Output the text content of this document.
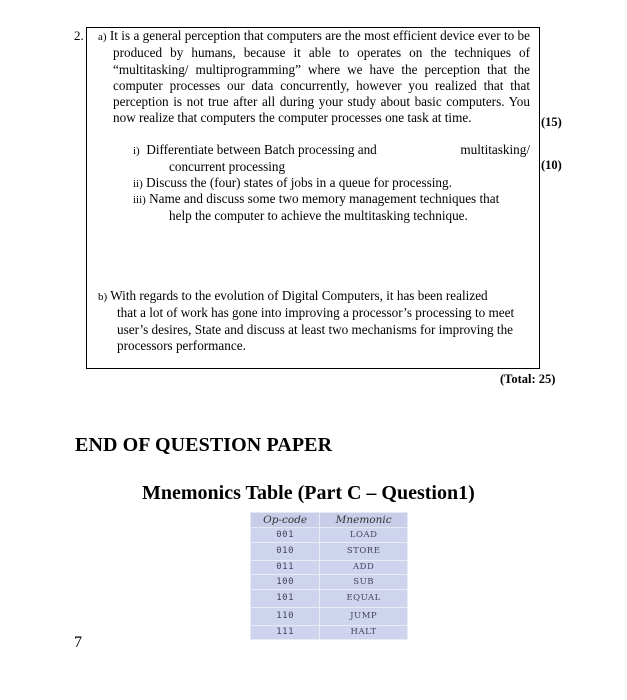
2. a) It is a general perception that computers are the most efficient device ever to be produced by humans, because it able to operates on the techniques of “multitasking/ multiprogramming” where we have the perception that the computer processes our data concurrently, however you realized that that perception is not true after all during your study about basic computers. You now realize that computers the computer processes one task at time.	(15)
i) Differentiate between Batch processing and	multitasking/
concurrent processing	(10)
ii) Discuss the (four) states of jobs in a queue for processing.
iii) Name and discuss some two memory management techniques that
help the computer to achieve the multitasking technique.
b) With regards to the evolution of Digital Computers, it has been realized
that a lot of work has gone into improving a processor’s processing to meet user’s desires, State and discuss at least two mechanisms for improving the processors performance.
(Total: 25)
END OF QUESTION PAPER
Mnemonics Table (Part C – Question1)
Op-code	Mnemonic
001	LOAD
010	STORE
011	ADD
100	SUB
101	EQUAL
110	JUMP
111	HALT
7
